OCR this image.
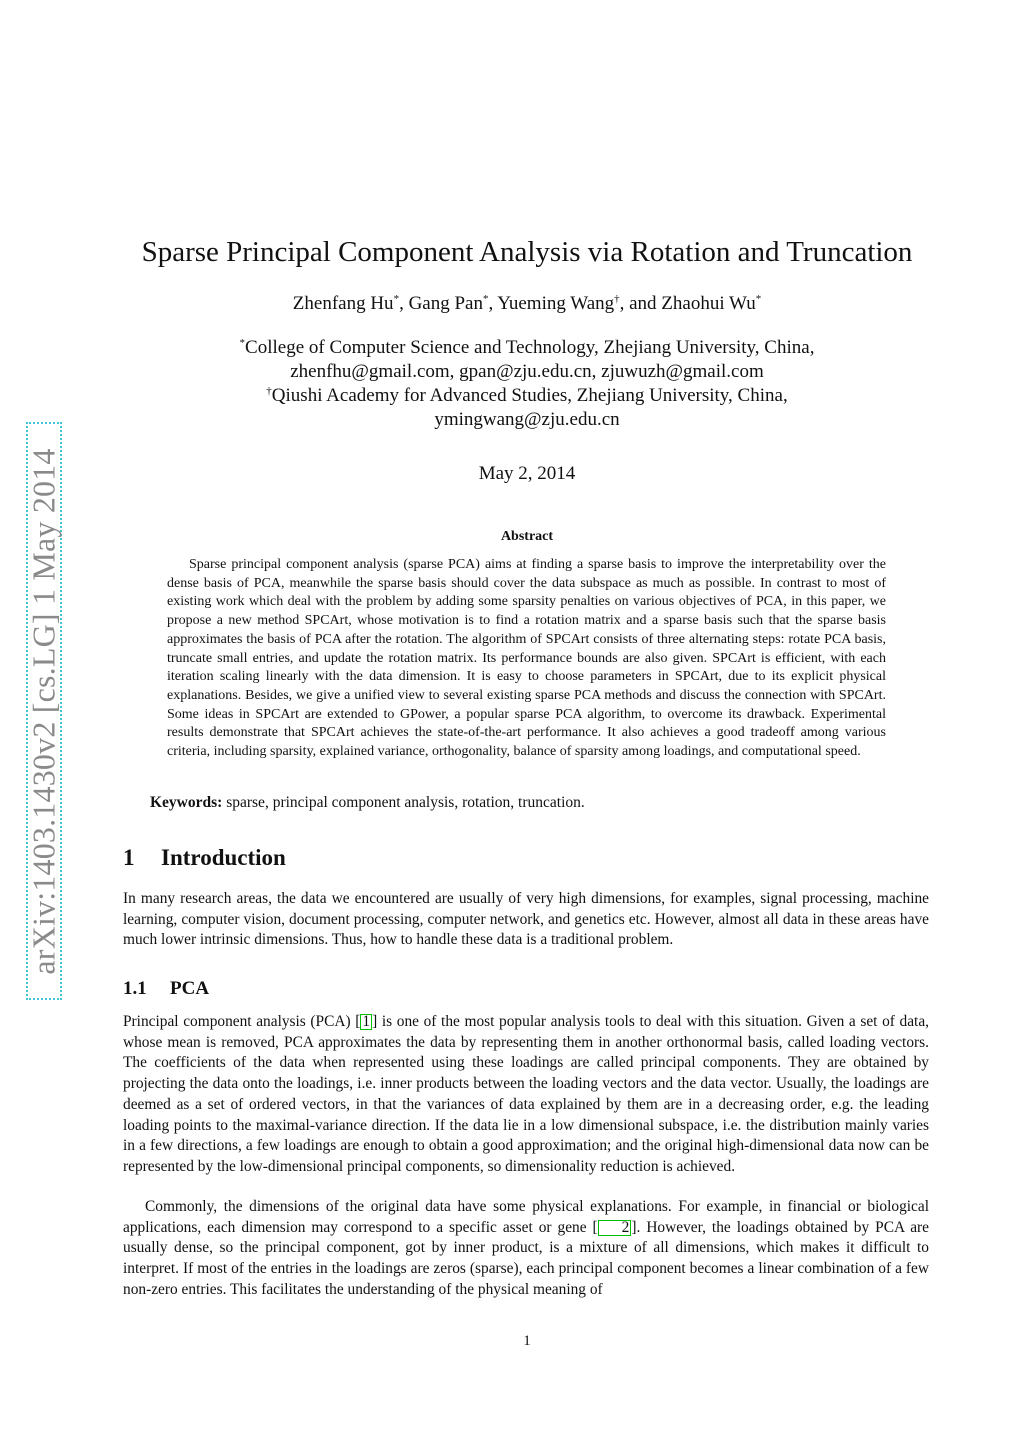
arXiv:1403.1430v2 [cs.LG] 1 May 2014
Sparse Principal Component Analysis via Rotation and Truncation
Zhenfang Hu*, Gang Pan*, Yueming Wang†, and Zhaohui Wu*
*College of Computer Science and Technology, Zhejiang University, China,
zhenfhu@gmail.com, gpan@zju.edu.cn, zjuwuzh@gmail.com
†Qiushi Academy for Advanced Studies, Zhejiang University, China,
ymingwang@zju.edu.cn
May 2, 2014
Abstract

Sparse principal component analysis (sparse PCA) aims at finding a sparse basis to improve the interpretability over the dense basis of PCA, meanwhile the sparse basis should cover the data subspace as much as possible. In contrast to most of existing work which deal with the problem by adding some sparsity penalties on various objectives of PCA, in this paper, we propose a new method SPCArt, whose motivation is to find a rotation matrix and a sparse basis such that the sparse basis approximates the basis of PCA after the rotation. The algorithm of SPCArt consists of three alternating steps: rotate PCA basis, truncate small entries, and update the rotation matrix. Its performance bounds are also given. SPCArt is efficient, with each iteration scaling linearly with the data dimension. It is easy to choose parameters in SPCArt, due to its explicit physical explanations. Besides, we give a unified view to several existing sparse PCA methods and discuss the connection with SPCArt. Some ideas in SPCArt are extended to GPower, a popular sparse PCA algorithm, to overcome its drawback. Experimental results demonstrate that SPCArt achieves the state-of-the-art performance. It also achieves a good tradeoff among various criteria, including sparsity, explained variance, orthogonality, balance of sparsity among loadings, and computational speed.

Keywords: sparse, principal component analysis, rotation, truncation.
1 Introduction

In many research areas, the data we encountered are usually of very high dimensions, for examples, signal processing, machine learning, computer vision, document processing, computer network, and genetics etc. However, almost all data in these areas have much lower intrinsic dimensions. Thus, how to handle these data is a traditional problem.

1.1 PCA

Principal component analysis (PCA) [ 1 ] is one of the most popular analysis tools to deal with this situation. Given a set of data, whose mean is removed, PCA approximates the data by representing them in another orthonormal basis, called loading vectors. The coefficients of the data when represented using these loadings are called principal components. They are obtained by projecting the data onto the loadings, i.e. inner products between the loading vectors and the data vector. Usually, the loadings are deemed as a set of ordered vectors, in that the variances of data explained by them are in a decreasing order, e.g. the leading loading points to the maximal-variance direction. If the data lie in a low dimensional subspace, i.e. the distribution mainly varies in a few directions, a few loadings are enough to obtain a good approximation; and the original high-dimensional data now can be represented by the low-dimensional principal components, so dimensionality reduction is achieved.

Commonly, the dimensions of the original data have some physical explanations. For example, in financial or biological applications, each dimension may correspond to a specific asset or gene [ 2 ]. However, the loadings obtained by PCA are usually dense, so the principal component, got by inner product, is a mixture of all dimensions, which makes it difficult to interpret. If most of the entries in the loadings are zeros (sparse), each principal component becomes a linear combination of a few non-zero entries. This facilitates the understanding of the physical meaning of

1
